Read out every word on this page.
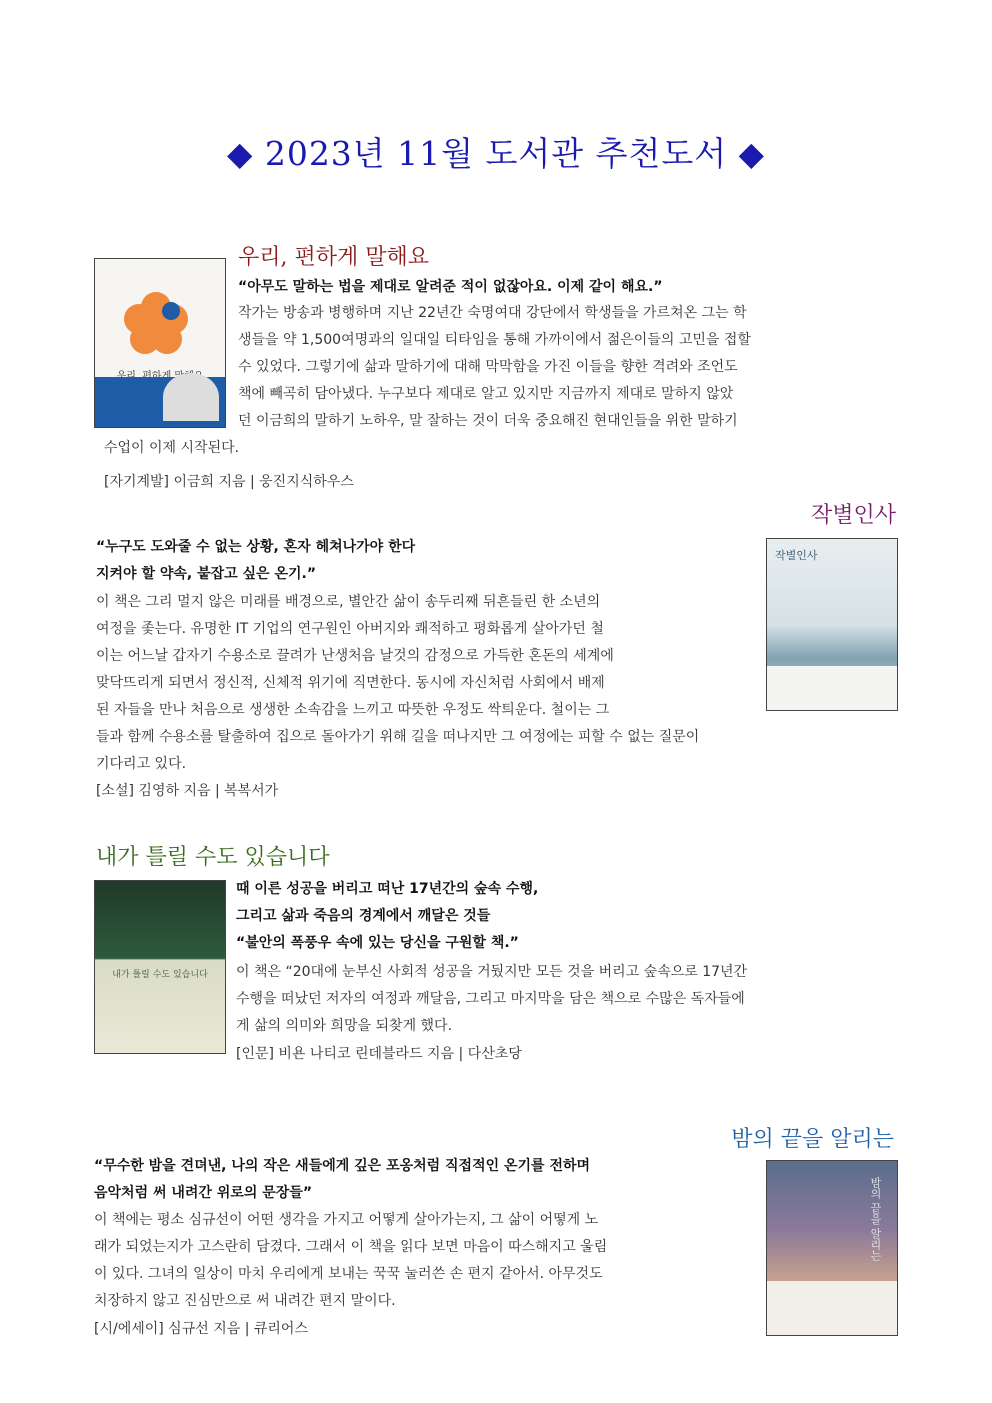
◆ 2023년 11월 도서관 추천도서 ◆
우리, 편하게 말해요
“아무도 말하는 법을 제대로 알려준 적이 없잖아요. 이제 같이 해요.”
작가는 방송과 병행하며 지난 22년간 숙명여대 강단에서 학생들을 가르쳐온 그는 학
생들을 약 1,500여명과의 일대일 티타임을 통해 가까이에서 젊은이들의 고민을 접할
수 있었다. 그렇기에 삶과 말하기에 대해 막막함을 가진 이들을 향한 격려와 조언도
책에 빼곡히 담아냈다. 누구보다 제대로 알고 있지만 지금까지 제대로 말하지 않았
던 이금희의 말하기 노하우, 말 잘하는 것이 더욱 중요해진 현대인들을 위한 말하기
수업이 이제 시작된다.
[자기계발] 이금희 지음 | 웅진지식하우스
작별인사
“누구도 도와줄 수 없는 상황, 혼자 헤쳐나가야 한다
지켜야 할 약속, 붙잡고 싶은 온기.”
이 책은 그리 멀지 않은 미래를 배경으로, 별안간 삶이 송두리째 뒤흔들린 한 소년의
여정을 좇는다. 유명한 IT 기업의 연구원인 아버지와 쾌적하고 평화롭게 살아가던 철
이는 어느날 갑자기 수용소로 끌려가 난생처음 날것의 감정으로 가득한 혼돈의 세계에
맞닥뜨리게 되면서 정신적, 신체적 위기에 직면한다. 동시에 자신처럼 사회에서 배제
된 자들을 만나 처음으로 생생한 소속감을 느끼고 따뜻한 우정도 싹틔운다. 철이는 그
들과 함께 수용소를 탈출하여 집으로 돌아가기 위해 길을 떠나지만 그 여정에는 피할 수 없는 질문이
기다리고 있다.
[소설] 김영하 지음 | 복복서가
작별인사
내가 틀릴 수도 있습니다
내가 틀릴 수도 있습니다
때 이른 성공을 버리고 떠난 17년간의 숲속 수행,
그리고 삶과 죽음의 경계에서 깨달은 것들
“불안의 폭풍우 속에 있는 당신을 구원할 책.”
이 책은 “20대에 눈부신 사회적 성공을 거뒀지만 모든 것을 버리고 숲속으로 17년간
수행을 떠났던 저자의 여정과 깨달음, 그리고 마지막을 담은 책으로 수많은 독자들에
게 삶의 의미와 희망을 되찾게 했다.
[인문] 비욘 나티코 린데블라드 지음 | 다산초당
밤의 끝을 알리는
“무수한 밤을 견뎌낸, 나의 작은 새들에게 깊은 포옹처럼 직접적인 온기를 전하며
음악처럼 써 내려간 위로의 문장들”
이 책에는 평소 심규선이 어떤 생각을 가지고 어떻게 살아가는지, 그 삶이 어떻게 노
래가 되었는지가 고스란히 담겼다. 그래서 이 책을 읽다 보면 마음이 따스해지고 울림
이 있다. 그녀의 일상이 마치 우리에게 보내는 꾹꾹 눌러쓴 손 편지 같아서. 아무것도
치장하지 않고 진심만으로 써 내려간 편지 말이다.
[시/에세이] 심규선 지음 | 큐리어스
밤의 끝을 알리는
